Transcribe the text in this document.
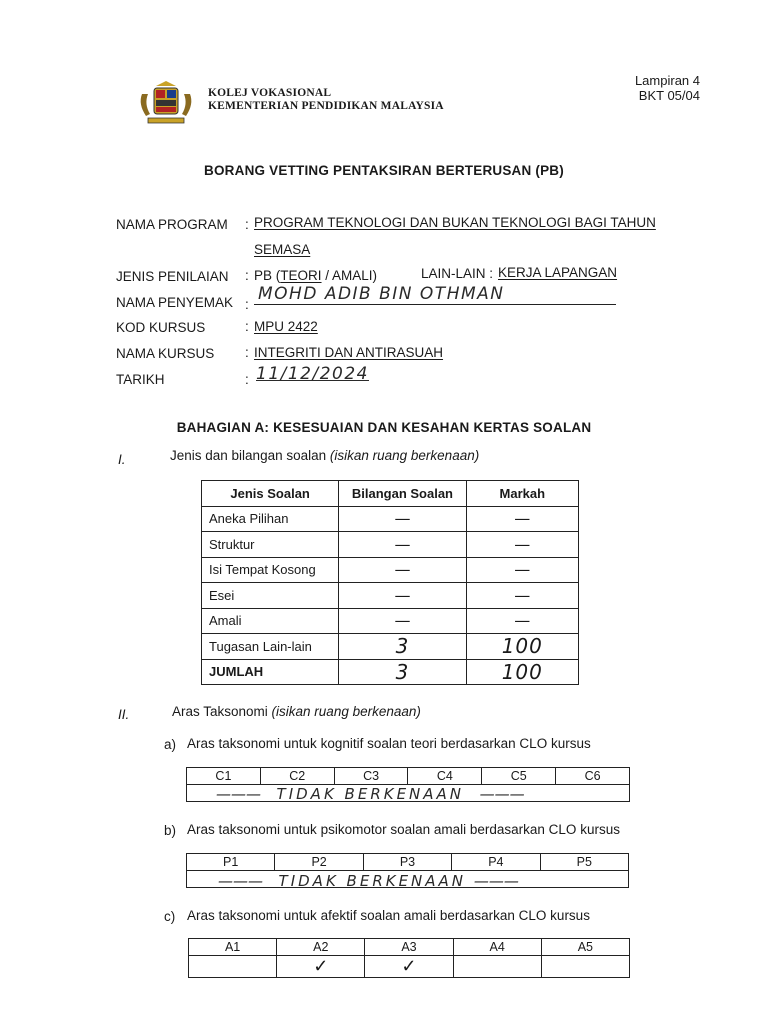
KOLEJ VOKASIONAL
KEMENTERIAN PENDIDIKAN MALAYSIA
Lampiran 4
BKT 05/04
BORANG VETTING PENTAKSIRAN BERTERUSAN (PB)
NAMA PROGRAM : PROGRAM TEKNOLOGI DAN BUKAN TEKNOLOGI BAGI TAHUN
SEMASA
JENIS PENILAIAN : PB (TEORI / AMALI)	LAIN-LAIN : KERJA LAPANGAN
NAMA PENYEMAK :
MOHD ADIB BIN OTHMAN
KOD KURSUS	: MPU 2422
NAMA KURSUS : INTEGRITI DAN ANTIRASUAH
TARIKH	: 11/12/2024
BAHAGIAN A: KESESUAIAN DAN KESAHAN KERTAS SOALAN
I.	Jenis dan bilangan soalan (isikan ruang berkenaan)
Jenis Soalan	Bilangan Soalan	Markah
Aneka Pilihan	—	—
Struktur	—	—
Isi Tempat Kosong	—	—
Esei	—	—
Amali	—	—
Tugasan Lain-lain	3	100
JUMLAH	3	100
II.	Aras Taksonomi (isikan ruang berkenaan)
a) Aras taksonomi untuk kognitif soalan teori berdasarkan CLO kursus
C1	C2	C3	C4	C5	C6

——— TIDAK BERKENAAN ———
b) Aras taksonomi untuk psikomotor soalan amali berdasarkan CLO kursus
P1	P2	P3	P4	P5

——— TIDAK BERKENAAN ———
c) Aras taksonomi untuk afektif soalan amali berdasarkan CLO kursus
A1	A2	A3	A4	A5
	✓	✓		
